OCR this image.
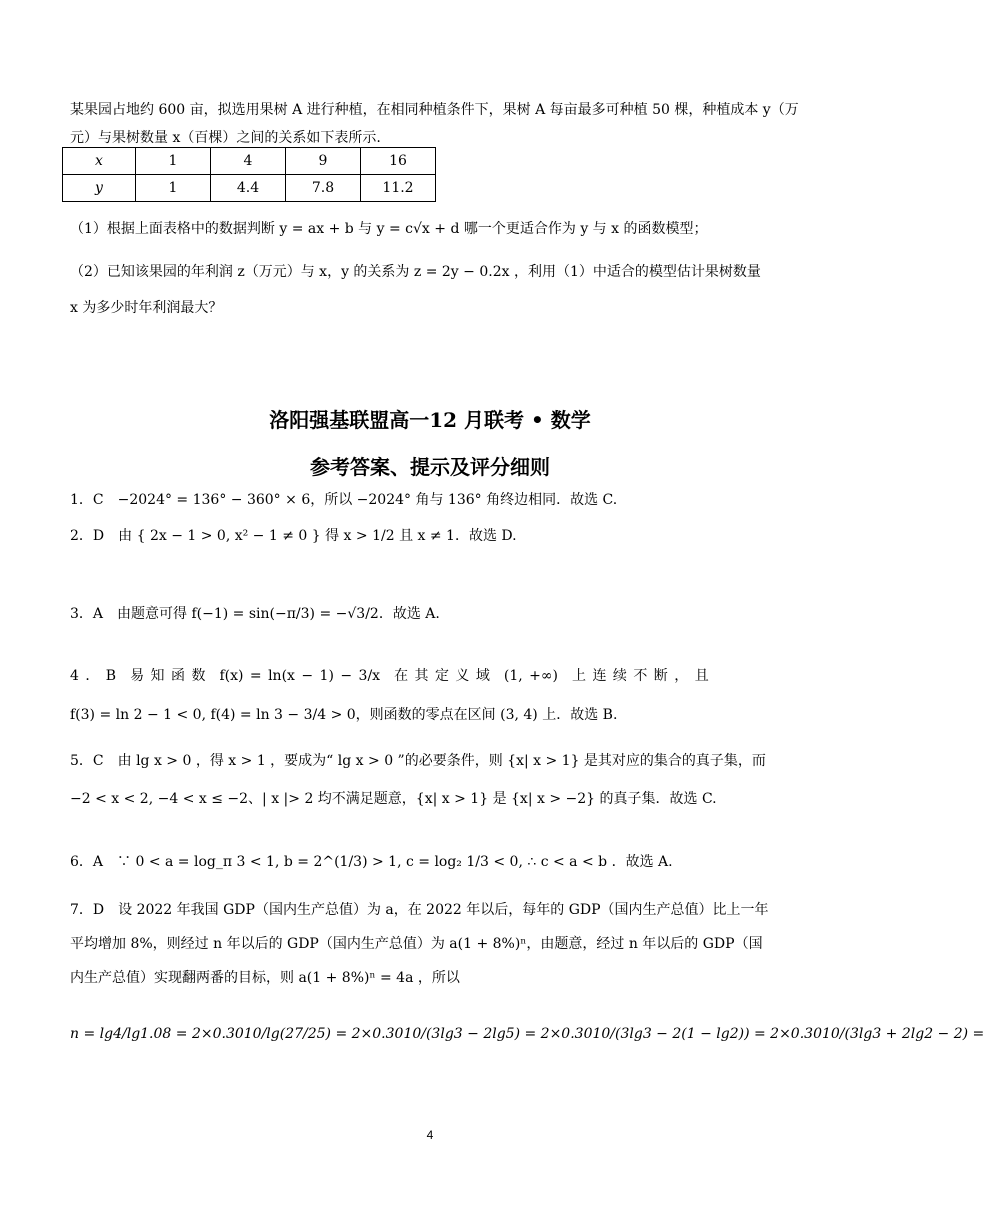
某果园占地约 600 亩，拟选用果树 A 进行种植，在相同种植条件下，果树 A 每亩最多可种植 50 棵，种植成本 y（万元）与果树数量 x（百棵）之间的关系如下表所示.
x	1	4	9	16
y	1	4.4	7.8	11.2
（1）根据上面表格中的数据判断 y = ax + b 与 y = c√x + d 哪一个更适合作为 y 与 x 的函数模型；
（2）已知该果园的年利润 z（万元）与 x，y 的关系为 z = 2y − 0.2x ，利用（1）中适合的模型估计果树数量
x 为多少时年利润最大？
洛阳强基联盟高一12 月联考 • 数学
参考答案、提示及评分细则
1．C　−2024° = 136° − 360° × 6，所以 −2024° 角与 136° 角终边相同．故选 C.
2．D　由 { 2x − 1 > 0, x² − 1 ≠ 0 } 得 x > 1/2 且 x ≠ 1．故选 D.
3．A　由题意可得 f(−1) = sin(−π/3) = −√3/2．故选 A.
4 ． B　易 知 函 数　f(x) = ln(x − 1) − 3/x　在 其 定 义 域　(1, +∞)　上 连 续 不 断 ， 且
f(3) = ln 2 − 1 < 0, f(4) = ln 3 − 3/4 > 0，则函数的零点在区间 (3, 4) 上．故选 B.
5．C　由 lg x > 0 ，得 x > 1 ，要成为“ lg x > 0 ”的必要条件，则 {x| x > 1} 是其对应的集合的真子集，而
−2 < x < 2, −4 < x ≤ −2、| x |> 2 均不满足题意，{x| x > 1} 是 {x| x > −2} 的真子集．故选 C.
6．A　∵ 0 < a = log_π 3 < 1, b = 2^(1/3) > 1, c = log₂ 1/3 < 0, ∴ c < a < b ．故选 A.
7．D　设 2022 年我国 GDP（国内生产总值）为 a，在 2022 年以后，每年的 GDP（国内生产总值）比上一年
平均增加 8%，则经过 n 年以后的 GDP（国内生产总值）为 a(1 + 8%)ⁿ，由题意，经过 n 年以后的 GDP（国
内生产总值）实现翻两番的目标，则 a(1 + 8%)ⁿ = 4a ，所以
n = lg4/lg1.08 = 2×0.3010/lg(27/25) = 2×0.3010/(3lg3 − 2lg5) = 2×0.3010/(3lg3 − 2(1 − lg2)) = 2×0.3010/(3lg3 + 2lg2 − 2) =
4
